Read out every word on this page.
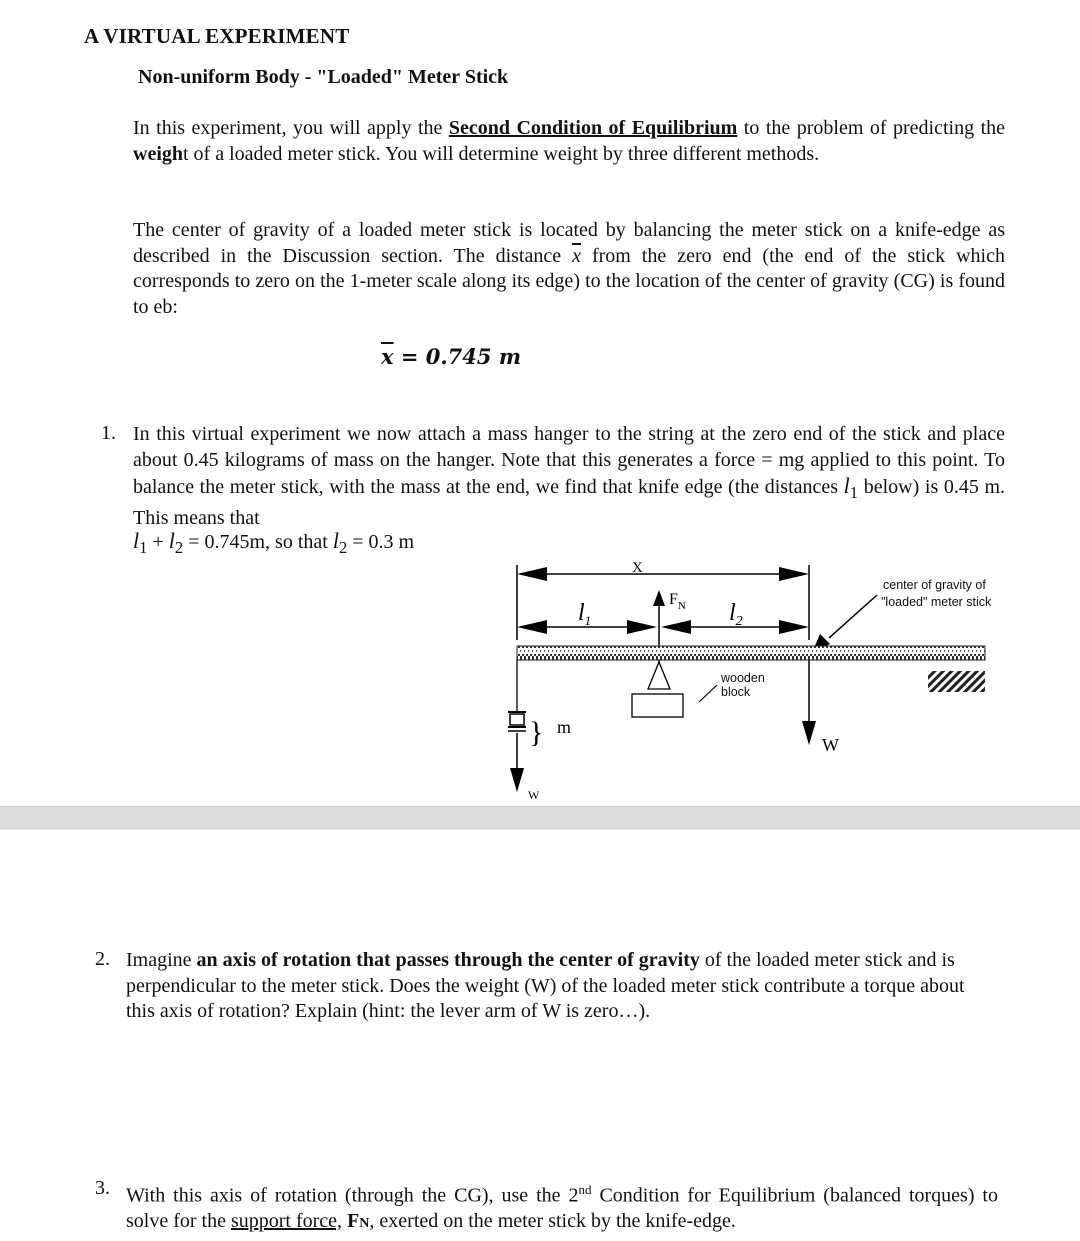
A VIRTUAL EXPERIMENT
Non-uniform Body - "Loaded" Meter Stick
In this experiment, you will apply the Second Condition of Equilibrium to the problem of predicting the weight of a loaded meter stick. You will determine weight by three different methods.
The center of gravity of a loaded meter stick is located by balancing the meter stick on a knife-edge as described in the Discussion section. The distance $\overline{x}$ from the zero end (the end of the stick which corresponds to zero on the 1-meter scale along its edge) to the location of the center of gravity (CG) is found to eb:
$\overline{x} = 0.745$ m
1. In this virtual experiment we now attach a mass hanger to the string at the zero end of the stick and place about 0.45 kilograms of mass on the hanger. Note that this generates a force = mg applied to this point. To balance the meter stick, with the mass at the end, we find that knife edge (the distances $l_1$ below) is 0.45 m. This means that
$l_1 + l_2 = 0.745m$, so that $l_2 = 0.3$ m
}
X
$l_1$
$F_N$ $l_2$
center of gravity of
"loaded" meter stick
wooden
block
m
W
W
2. Imagine an axis of rotation that passes through the center of gravity of the loaded meter stick and is perpendicular to the meter stick. Does the weight (W) of the loaded meter stick contribute a torque about this axis of rotation? Explain (hint: the lever arm of W is zero…).
3. With this axis of rotation (through the CG), use the 2nd Condition for Equilibrium (balanced torques) to solve for the support force, FN, exerted on the meter stick by the knife-edge.
